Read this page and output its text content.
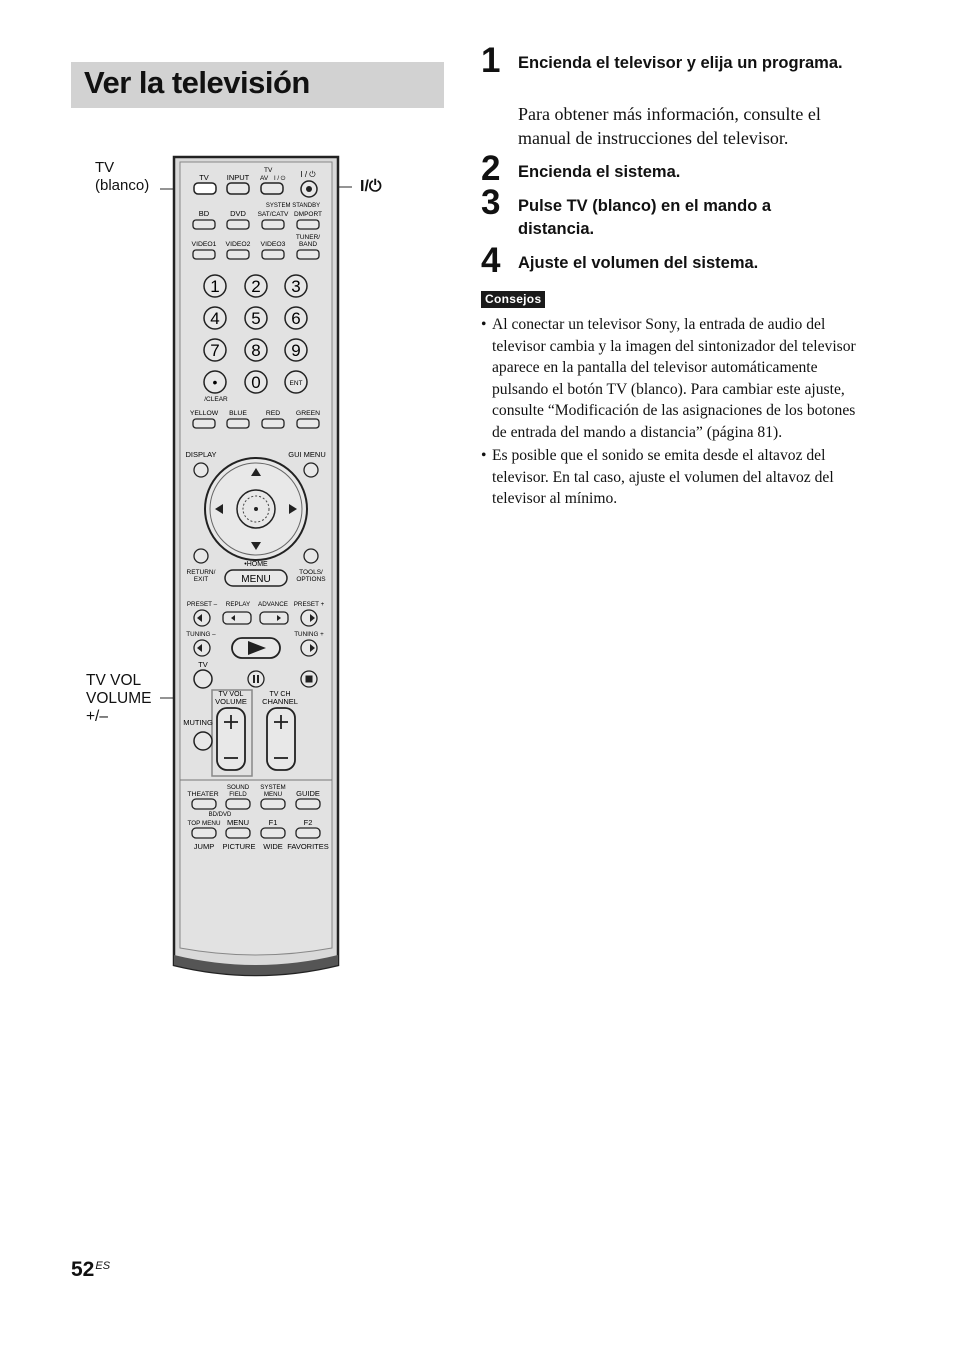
Ver la televisión
TV
(blanco)	I/⏻
TV VOL
VOLUME
+/–
TV INPUT
TV
AV I / ⏻ I / ⏻
SYSTEM STANDBY
BD	DVD SAT/CATV DMPORT
VIDEO1 VIDEO2 VIDEO3
TUNER/
BAND
1 2 3
4 5 6
7 8 9
• 0	ENT
/CLEAR
YELLOW BLUE	RED GREEN
DISPLAY	GUI MENU
RETURN/
EXIT
TOOLS/
OPTIONS
•HOME
MENU
PRESET – REPLAY ADVANCE PRESET +
TUNING –	TUNING +
TV
TV VOL
VOLUME
TV CH
CHANNEL
MUTING
THEATER
SOUND
FIELD
SYSTEM
MENU GUIDE
BD/DVD
TOP MENU MENU	F1	F2
JUMP PICTURE WIDE FAVORITES
1 Encienda el televisor y elija un programa.
Para obtener más información, consulte el manual de instrucciones del televisor.
2 Encienda el sistema.
3 Pulse TV (blanco) en el mando a distancia.
4 Ajuste el volumen del sistema.
Consejos
• Al conectar un televisor Sony, la entrada de audio del televisor cambia y la imagen del sintonizador del televisor aparece en la pantalla del televisor automáticamente pulsando el botón TV (blanco). Para cambiar este ajuste, consulte “Modificación de las asignaciones de los botones de entrada del mando a distancia” (página 81).
• Es posible que el sonido se emita desde el altavoz del televisor. En tal caso, ajuste el volumen del altavoz del televisor al mínimo.
$52^{ES}$
